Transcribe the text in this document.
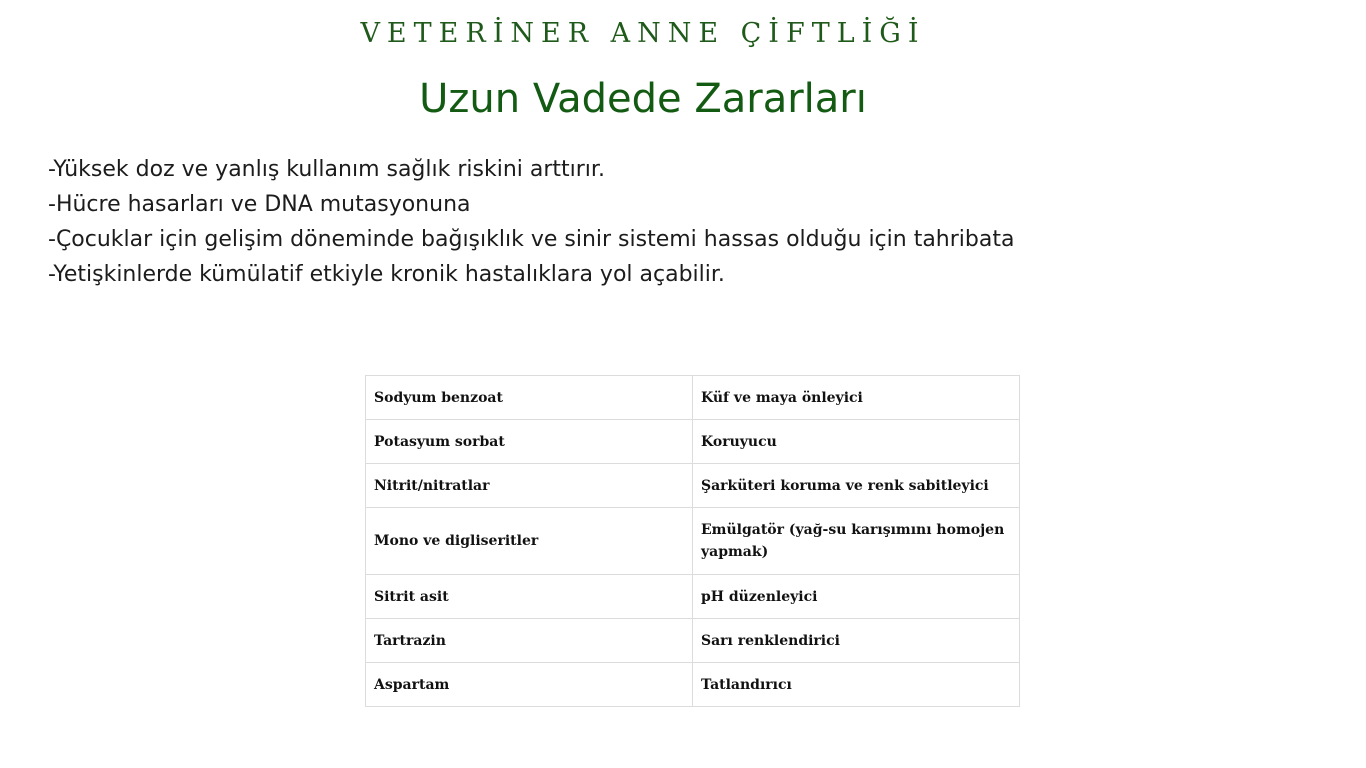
VETERİNER ANNE ÇİFTLİĞİ
Uzun Vadede Zararları
-Yüksek doz ve yanlış kullanım sağlık riskini arttırır.
-Hücre hasarları ve DNA mutasyonuna
-Çocuklar için gelişim döneminde bağışıklık ve sinir sistemi hassas olduğu için tahribata
-Yetişkinlerde kümülatif etkiyle kronik hastalıklara yol açabilir.
Sodyum benzoat	Küf ve maya önleyici
Potasyum sorbat	Koruyucu
Nitrit/nitratlar	Şarküteri koruma ve renk sabitleyici
Mono ve digliseritler	Emülgatör (yağ-su karışımını homojen yapmak)
Sitrit asit	pH düzenleyici
Tartrazin	Sarı renklendirici
Aspartam	Tatlandırıcı
